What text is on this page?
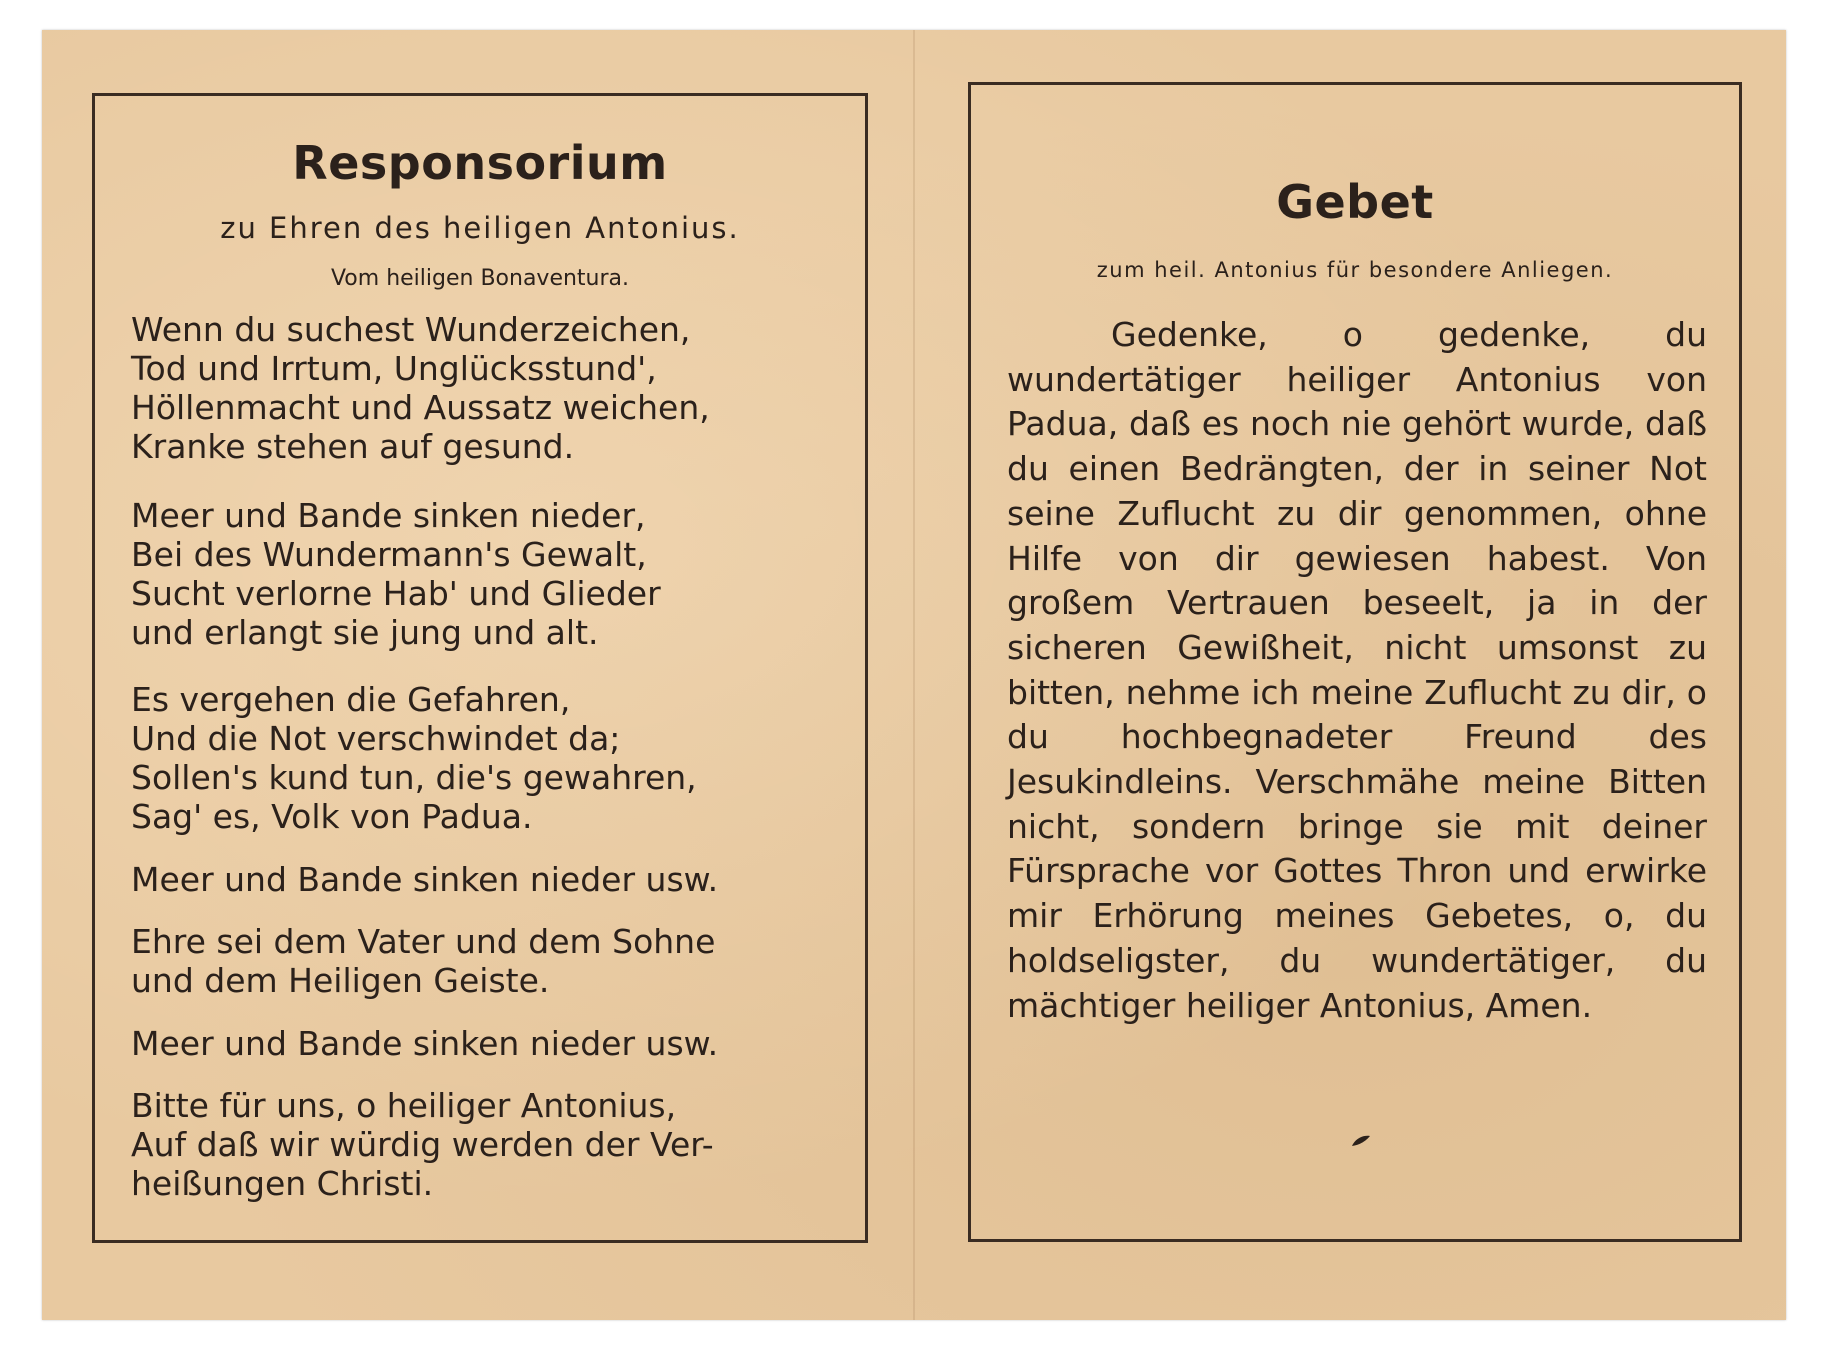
Responsorium

zu Ehren des heiligen Antonius.

Vom heiligen Bonaventura.

Wenn du suchest Wunderzeichen,
Tod und Irrtum, Unglücksstund',
Höllenmacht und Aussatz weichen,
Kranke stehen auf gesund.

Meer und Bande sinken nieder,
Bei des Wundermann's Gewalt,
Sucht verlorne Hab' und Glieder
und erlangt sie jung und alt.

Es vergehen die Gefahren,
Und die Not verschwindet da;
Sollen's kund tun, die's gewahren,
Sag' es, Volk von Padua.

Meer und Bande sinken nieder usw.

Ehre sei dem Vater und dem Sohne
und dem Heiligen Geiste.

Meer und Bande sinken nieder usw.

Bitte für uns, o heiliger Antonius,
Auf daß wir würdig werden der Ver-
heißungen Christi.

Gebet

zum heil. Antonius für besondere Anliegen.

Gedenke, o gedenke, du wundertätiger heiliger Antonius von Padua, daß es noch nie gehört wurde, daß du einen Bedrängten, der in seiner Not seine Zuflucht zu dir genommen, ohne Hilfe von dir gewiesen habest. Von großem Vertrauen beseelt, ja in der sicheren Gewißheit, nicht umsonst zu bitten, nehme ich meine Zuflucht zu dir, o du hochbegnadeter Freund des Jesukindleins. Verschmähe meine Bitten nicht, sondern bringe sie mit deiner Fürsprache vor Gottes Thron und erwirke mir Erhörung meines Gebetes, o, du holdseligster, du wundertätiger, du mächtiger heiliger Antonius, Amen.
